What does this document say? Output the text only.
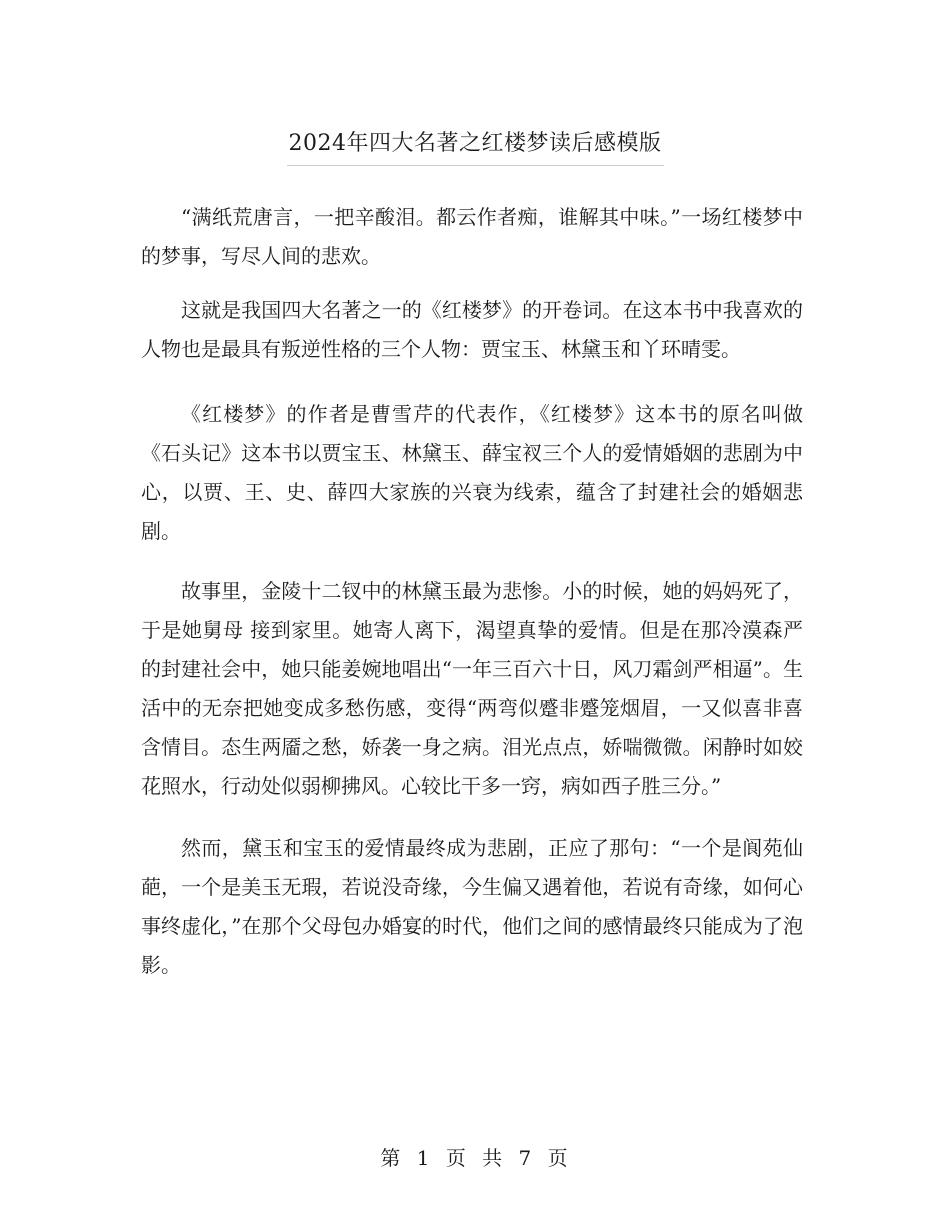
2024年四大名著之红楼梦读后感模版

“满纸荒唐言，一把辛酸泪。都云作者痴，谁解其中味。”一场红楼梦中的梦事，写尽人间的悲欢。

这就是我国四大名著之一的《红楼梦》的开卷词。在这本书中我喜欢的人物也是最具有叛逆性格的三个人物：贾宝玉、林黛玉和丫环晴雯。

《红楼梦》的作者是曹雪芹的代表作，《红楼梦》这本书的原名叫做《石头记》这本书以贾宝玉、林黛玉、薛宝衩三个人的爱情婚姻的悲剧为中心，以贾、王、史、薛四大家族的兴衰为线索，蕴含了封建社会的婚姻悲剧。

故事里，金陵十二钗中的林黛玉最为悲惨。小的时候，她的妈妈死了，于是她舅母 接到家里。她寄人离下，渴望真挚的爱情。但是在那冷漠森严的封建社会中，她只能姜婉地唱出“一年三百六十日，风刀霜剑严相逼”。生活中的无奈把她变成多愁伤感，变得“两弯似蹙非蹙笼烟眉，一又似喜非喜含情目。态生两靥之愁，娇袭一身之病。泪光点点，娇喘微微。闲静时如姣花照水，行动处似弱柳拂风。心较比干多一窍，病如西子胜三分。”

然而，黛玉和宝玉的爱情最终成为悲剧，正应了那句：“一个是阆苑仙葩，一个是美玉无瑕，若说没奇缘，今生偏又遇着他，若说有奇缘，如何心事终虚化，”在那个父母包办婚宴的时代，他们之间的感情最终只能成为了泡影。

第 1 页 共 7 页
